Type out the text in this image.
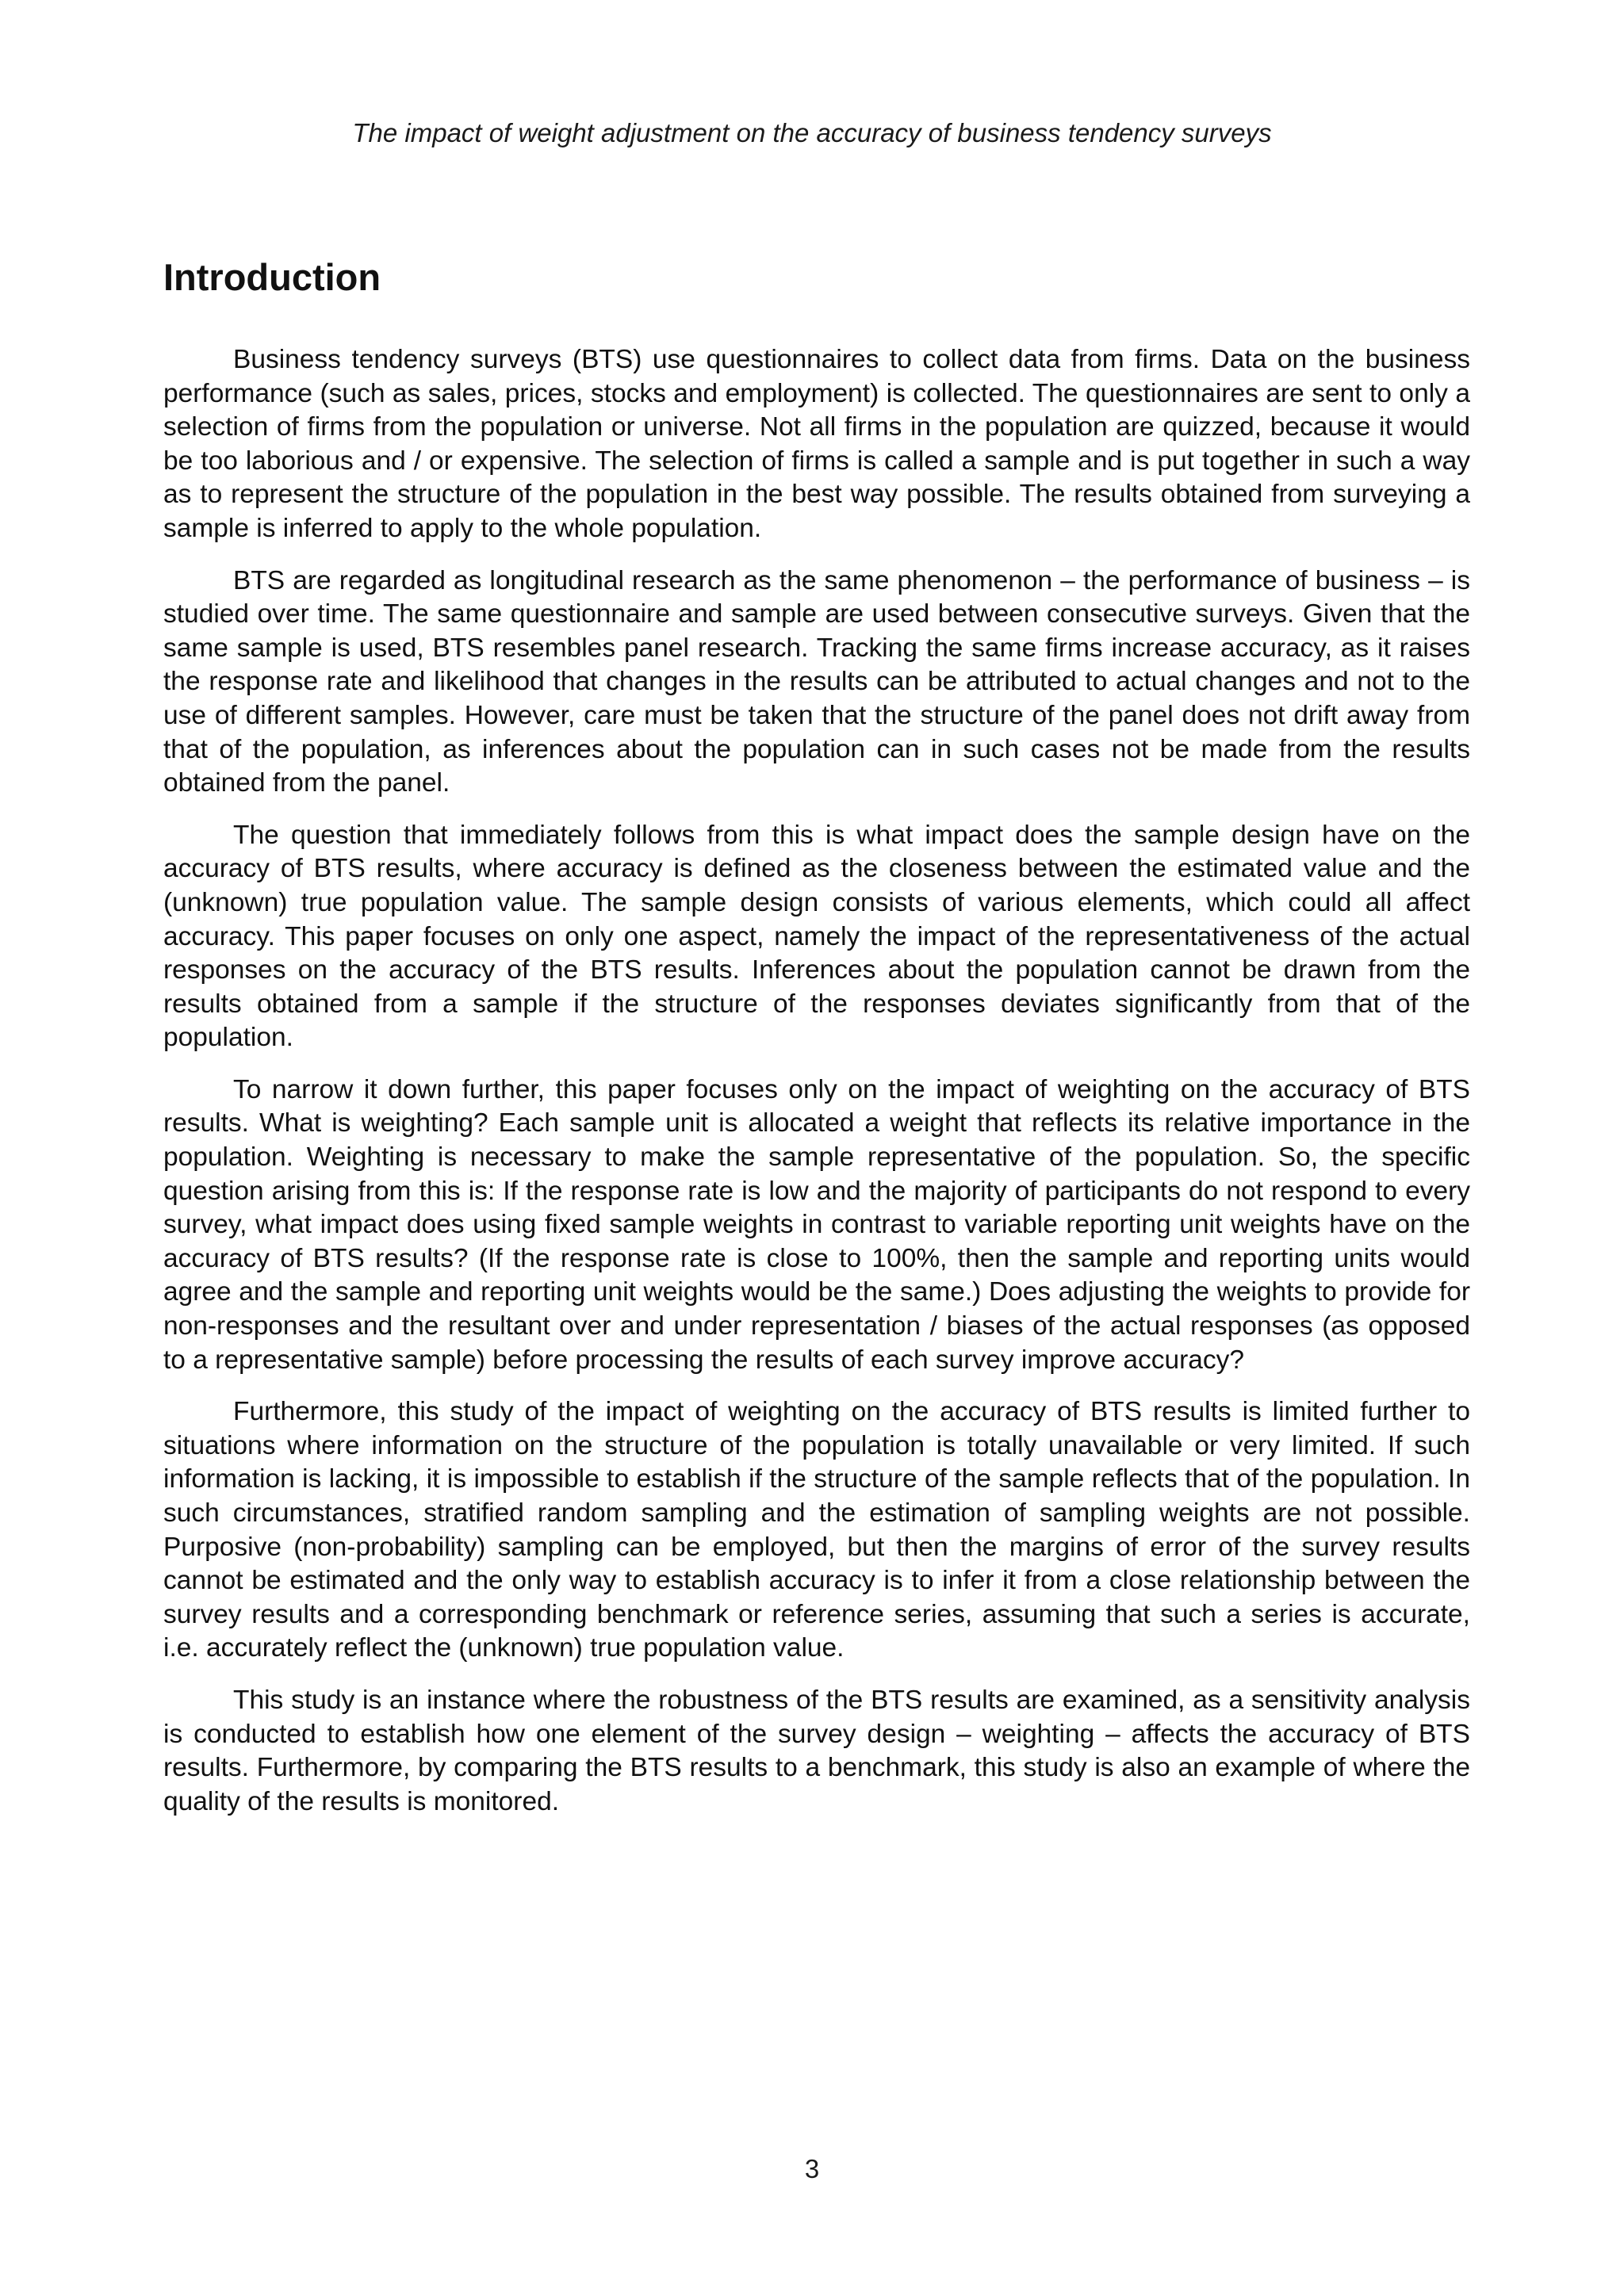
The impact of weight adjustment on the accuracy of business tendency surveys
Introduction

Business tendency surveys (BTS) use questionnaires to collect data from firms. Data on the business performance (such as sales, prices, stocks and employment) is collected. The questionnaires are sent to only a selection of firms from the population or universe. Not all firms in the population are quizzed, because it would be too laborious and / or expensive. The selection of firms is called a sample and is put together in such a way as to represent the structure of the population in the best way possible. The results obtained from surveying a sample is inferred to apply to the whole population.

BTS are regarded as longitudinal research as the same phenomenon – the performance of business – is studied over time. The same questionnaire and sample are used between consecutive surveys. Given that the same sample is used, BTS resembles panel research. Tracking the same firms increase accuracy, as it raises the response rate and likelihood that changes in the results can be attributed to actual changes and not to the use of different samples. However, care must be taken that the structure of the panel does not drift away from that of the population, as inferences about the population can in such cases not be made from the results obtained from the panel.

The question that immediately follows from this is what impact does the sample design have on the accuracy of BTS results, where accuracy is defined as the closeness between the estimated value and the (unknown) true population value. The sample design consists of various elements, which could all affect accuracy. This paper focuses on only one aspect, namely the impact of the representativeness of the actual responses on the accuracy of the BTS results. Inferences about the population cannot be drawn from the results obtained from a sample if the structure of the responses deviates significantly from that of the population.

To narrow it down further, this paper focuses only on the impact of weighting on the accuracy of BTS results. What is weighting? Each sample unit is allocated a weight that reflects its relative importance in the population. Weighting is necessary to make the sample representative of the population. So, the specific question arising from this is: If the response rate is low and the majority of participants do not respond to every survey, what impact does using fixed sample weights in contrast to variable reporting unit weights have on the accuracy of BTS results? (If the response rate is close to 100%, then the sample and reporting units would agree and the sample and reporting unit weights would be the same.) Does adjusting the weights to provide for non-responses and the resultant over and under representation / biases of the actual responses (as opposed to a representative sample) before processing the results of each survey improve accuracy?

Furthermore, this study of the impact of weighting on the accuracy of BTS results is limited further to situations where information on the structure of the population is totally unavailable or very limited. If such information is lacking, it is impossible to establish if the structure of the sample reflects that of the population. In such circumstances, stratified random sampling and the estimation of sampling weights are not possible. Purposive (non-probability) sampling can be employed, but then the margins of error of the survey results cannot be estimated and the only way to establish accuracy is to infer it from a close relationship between the survey results and a corresponding benchmark or reference series, assuming that such a series is accurate, i.e. accurately reflect the (unknown) true population value.

This study is an instance where the robustness of the BTS results are examined, as a sensitivity analysis is conducted to establish how one element of the survey design – weighting – affects the accuracy of BTS results. Furthermore, by comparing the BTS results to a benchmark, this study is also an example of where the quality of the results is monitored.

3
